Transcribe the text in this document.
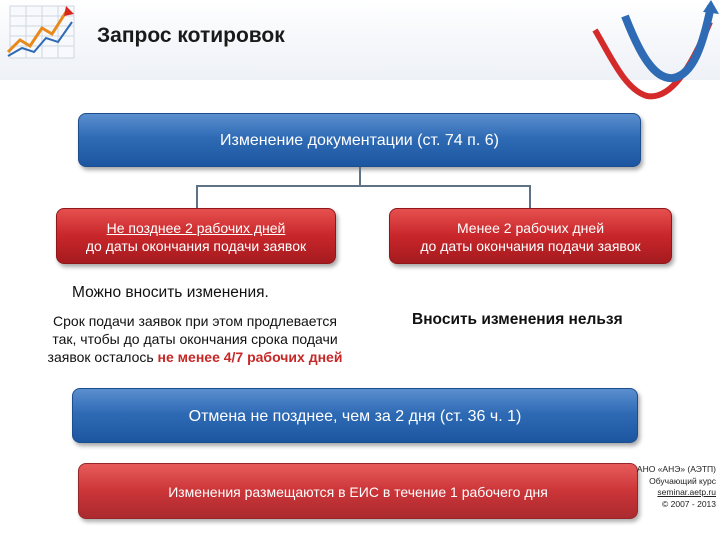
Запрос котировок
Изменение документации (ст. 74 п. 6)
Не позднее 2 рабочих дней
до даты окончания подачи заявок
Менее 2 рабочих дней
до даты окончания подачи заявок
Можно вносить изменения.
Срок подачи заявок при этом продлевается
так, чтобы до даты окончания срока подачи
заявок осталось не менее 4/7 рабочих дней
Вносить изменения нельзя
Отмена не позднее, чем за 2 дня (ст. 36 ч. 1)
Изменения размещаются в ЕИС в течение 1 рабочего дня
АНО «АНЭ» (АЭТП)
Обучающий курс
seminar.aetp.ru
© 2007 - 2013
